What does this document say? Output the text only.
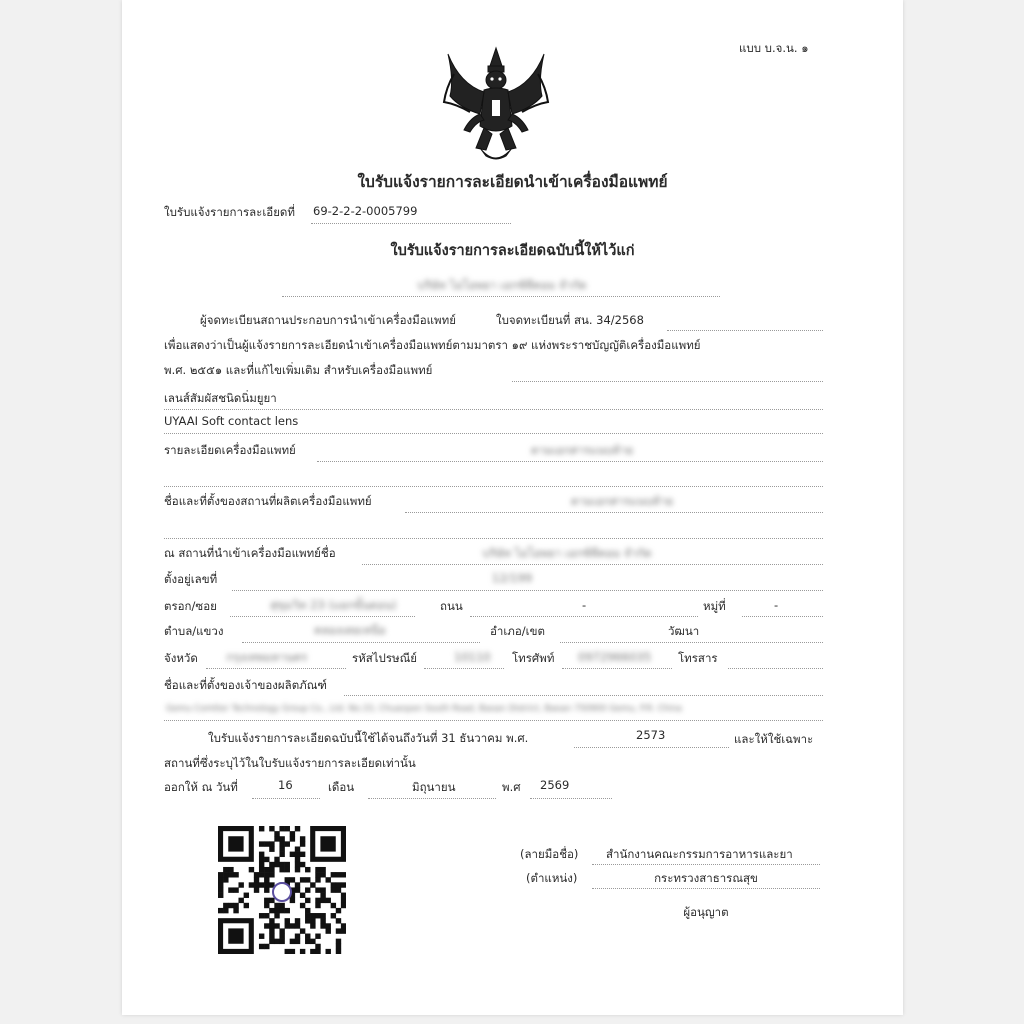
แบบ บ.จ.น. ๑
ใบรับแจ้งรายการละเอียดนำเข้าเครื่องมือแพทย์
ใบรับแจ้งรายการละเอียดที่ 69-2-2-2-0005799
ใบรับแจ้งรายการละเอียดฉบับนี้ให้ไว้แก่
บริษัท ไอโอพยา เอกซ์พีคอม จำกัด
ผู้จดทะเบียนสถานประกอบการนำเข้าเครื่องมือแพทย์	ใบจดทะเบียนที่ สน. 34/2568
เพื่อแสดงว่าเป็นผู้แจ้งรายการละเอียดนำเข้าเครื่องมือแพทย์ตามมาตรา ๑๙ แห่งพระราชบัญญัติเครื่องมือแพทย์
พ.ศ. ๒๕๕๑ และที่แก้ไขเพิ่มเติม สำหรับเครื่องมือแพทย์
เลนส์สัมผัสชนิดนิ่มยูยา
UYAAI Soft contact lens
รายละเอียดเครื่องมือแพทย์	ตามเอกสารแนบท้าย
ชื่อและที่ตั้งของสถานที่ผลิตเครื่องมือแพทย์	ตามเอกสารแนบท้าย
ณ สถานที่นำเข้าเครื่องมือแพทย์ชื่อ	บริษัท ไอโอพยา เอกซ์พีคอม จำกัด
ตั้งอยู่เลขที่	12/199
ตรอก/ซอย	สุขุมวิท 23 (แยกขั้นตอน)	ถนน	-	หมู่ที่	-
ตำบล/แขวง	คลองเตยเหนือ	อำเภอ/เขต	วัฒนา
จังหวัด กรุงเทพมหานคร	รหัสไปรษณีย์	10110 โทรศัพท์ 0972966035 โทรสาร
ชื่อและที่ตั้งของเจ้าของผลิตภัณฑ์
Gemu Comtter Technology Group Co., Ltd. No.33, Chuanpen South Road, Baoan District, Baoan 750900 Gemu, P.R. China
ใบรับแจ้งรายการละเอียดฉบับนี้ใช้ได้จนถึงวันที่ 31 ธันวาคม พ.ศ.	2573	และให้ใช้เฉพาะ
สถานที่ซึ่งระบุไว้ในใบรับแจ้งรายการละเอียดเท่านั้น
ออกให้ ณ วันที่	16	เดือน	มิถุนายน	พ.ศ 2569
(ลายมือชื่อ) สำนักงานคณะกรรมการอาหารและยา
(ตำแหน่ง)	กระทรวงสาธารณสุข
ผู้อนุญาต
